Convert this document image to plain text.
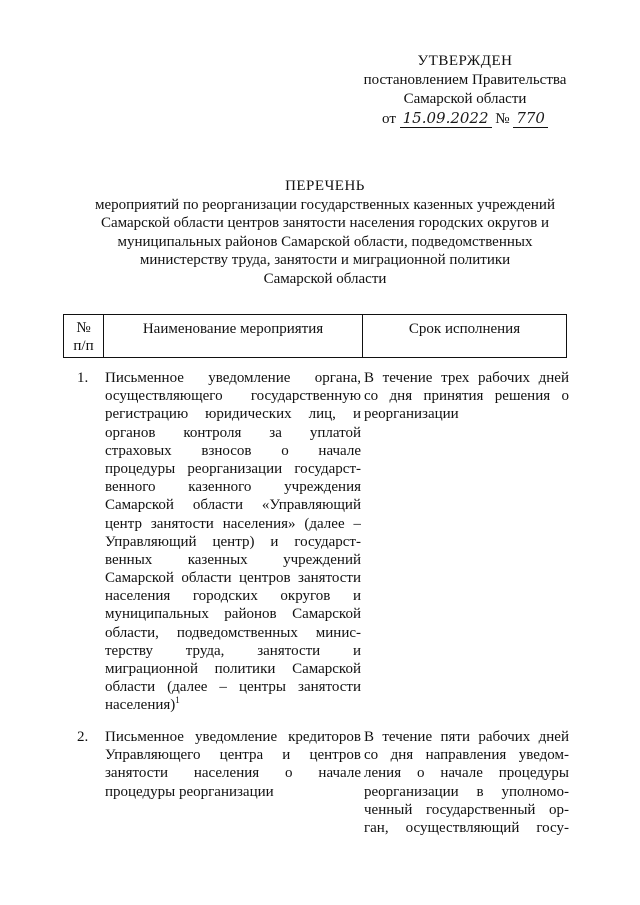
УТВЕРЖДЕН
постановлением Правительства
Самарской области
от 15.09.2022 № 770
ПЕРЕЧЕНЬ
мероприятий по реорганизации государственных казенных учреждений
Самарской области центров занятости населения городских округов и
муниципальных районов Самарской области, подведомственных
министерству труда, занятости и миграционной политики
Самарской области
№
п/п
Наименование мероприятия	Срок исполнения
1. Письменное уведомление органа,
осуществляющего государственную
регистрацию юридических лиц, и
органов контроля за уплатой
страховых взносов о начале
процедуры реорганизации государст-
венного казенного учреждения
Самарской области «Управляющий
центр занятости населения» (далее –
Управляющий центр) и государст-
венных казенных учреждений
Самарской области центров занятости
населения городских округов и
муниципальных районов Самарской
области, подведомственных минис-
терству труда, занятости и
миграционной политики Самарской
области (далее – центры занятости
населения)$^1$
В течение трех рабочих дней
со дня принятия решения о
реорганизации
2. Письменное уведомление кредиторов
Управляющего центра и центров
занятости населения о начале
процедуры реорганизации
В течение пяти рабочих дней
со дня направления уведом-
ления о начале процедуры
реорганизации в уполномо-
ченный государственный ор-
ган, осуществляющий госу-
